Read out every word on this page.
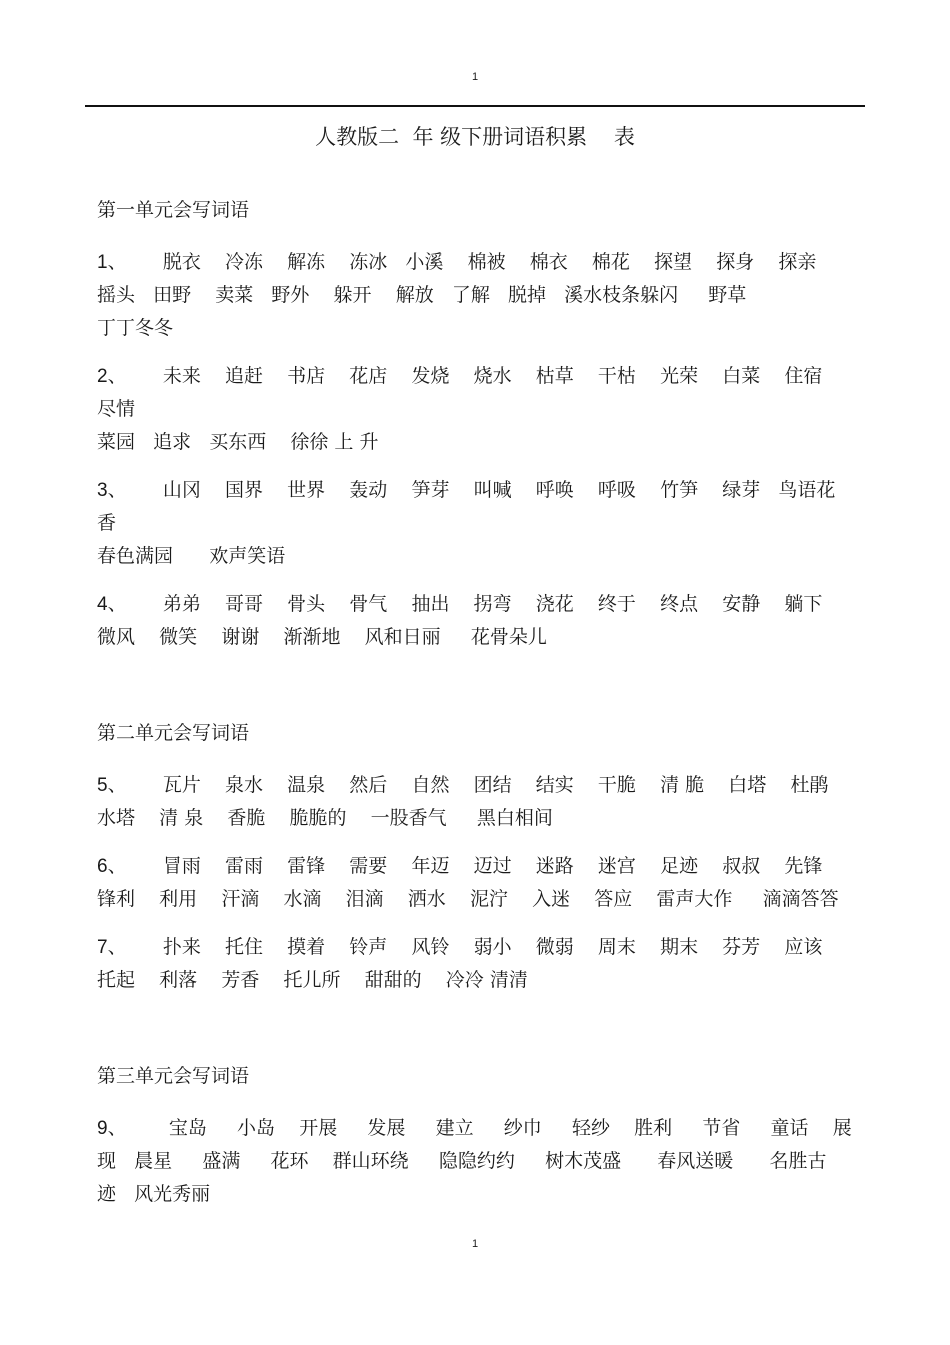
1
人教版二  年 级下册词语积累    表
第一单元会写词语
1、      脱衣    冷冻    解冻    冻冰   小溪    棉被    棉衣    棉花    探望    探身    探亲
摇头   田野    卖菜   野外    躲开    解放   了解   脱掉   溪水枝条躲闪     野草
丁丁冬冬
2、      未来    追赶    书店    花店    发烧    烧水    枯草    干枯    光荣    白菜    住宿
尽情
菜园   追求   买东西    徐徐 上 升
3、      山冈    国界    世界    轰动    笋芽    叫喊    呼唤    呼吸    竹笋    绿芽   鸟语花
香
春色满园      欢声笑语
4、      弟弟    哥哥    骨头    骨气    抽出    拐弯    浇花    终于    终点    安静    躺下
微风    微笑    谢谢    渐渐地    风和日丽     花骨朵儿
第二单元会写词语
5、      瓦片    泉水    温泉    然后    自然    团结    结实    干脆    清 脆    白塔    杜鹃
水塔    清 泉    香脆    脆脆的    一股香气     黑白相间
6、      冒雨    雷雨    雷锋    需要    年迈    迈过    迷路    迷宫    足迹    叔叔    先锋
锋利    利用    汗滴    水滴    泪滴    洒水    泥泞    入迷    答应    雷声大作     滴滴答答
7、      扑来    托住    摸着    铃声    风铃    弱小    微弱    周末    期末    芬芳    应该
托起    利落    芳香    托儿所    甜甜的    冷冷 清清
第三单元会写词语
9、       宝岛     小岛    开展     发展     建立     纱巾     轻纱    胜利     节省     童话    展
现   晨星     盛满     花环    群山环绕     隐隐约约     树木茂盛      春风送暖      名胜古
迹   风光秀丽
1
